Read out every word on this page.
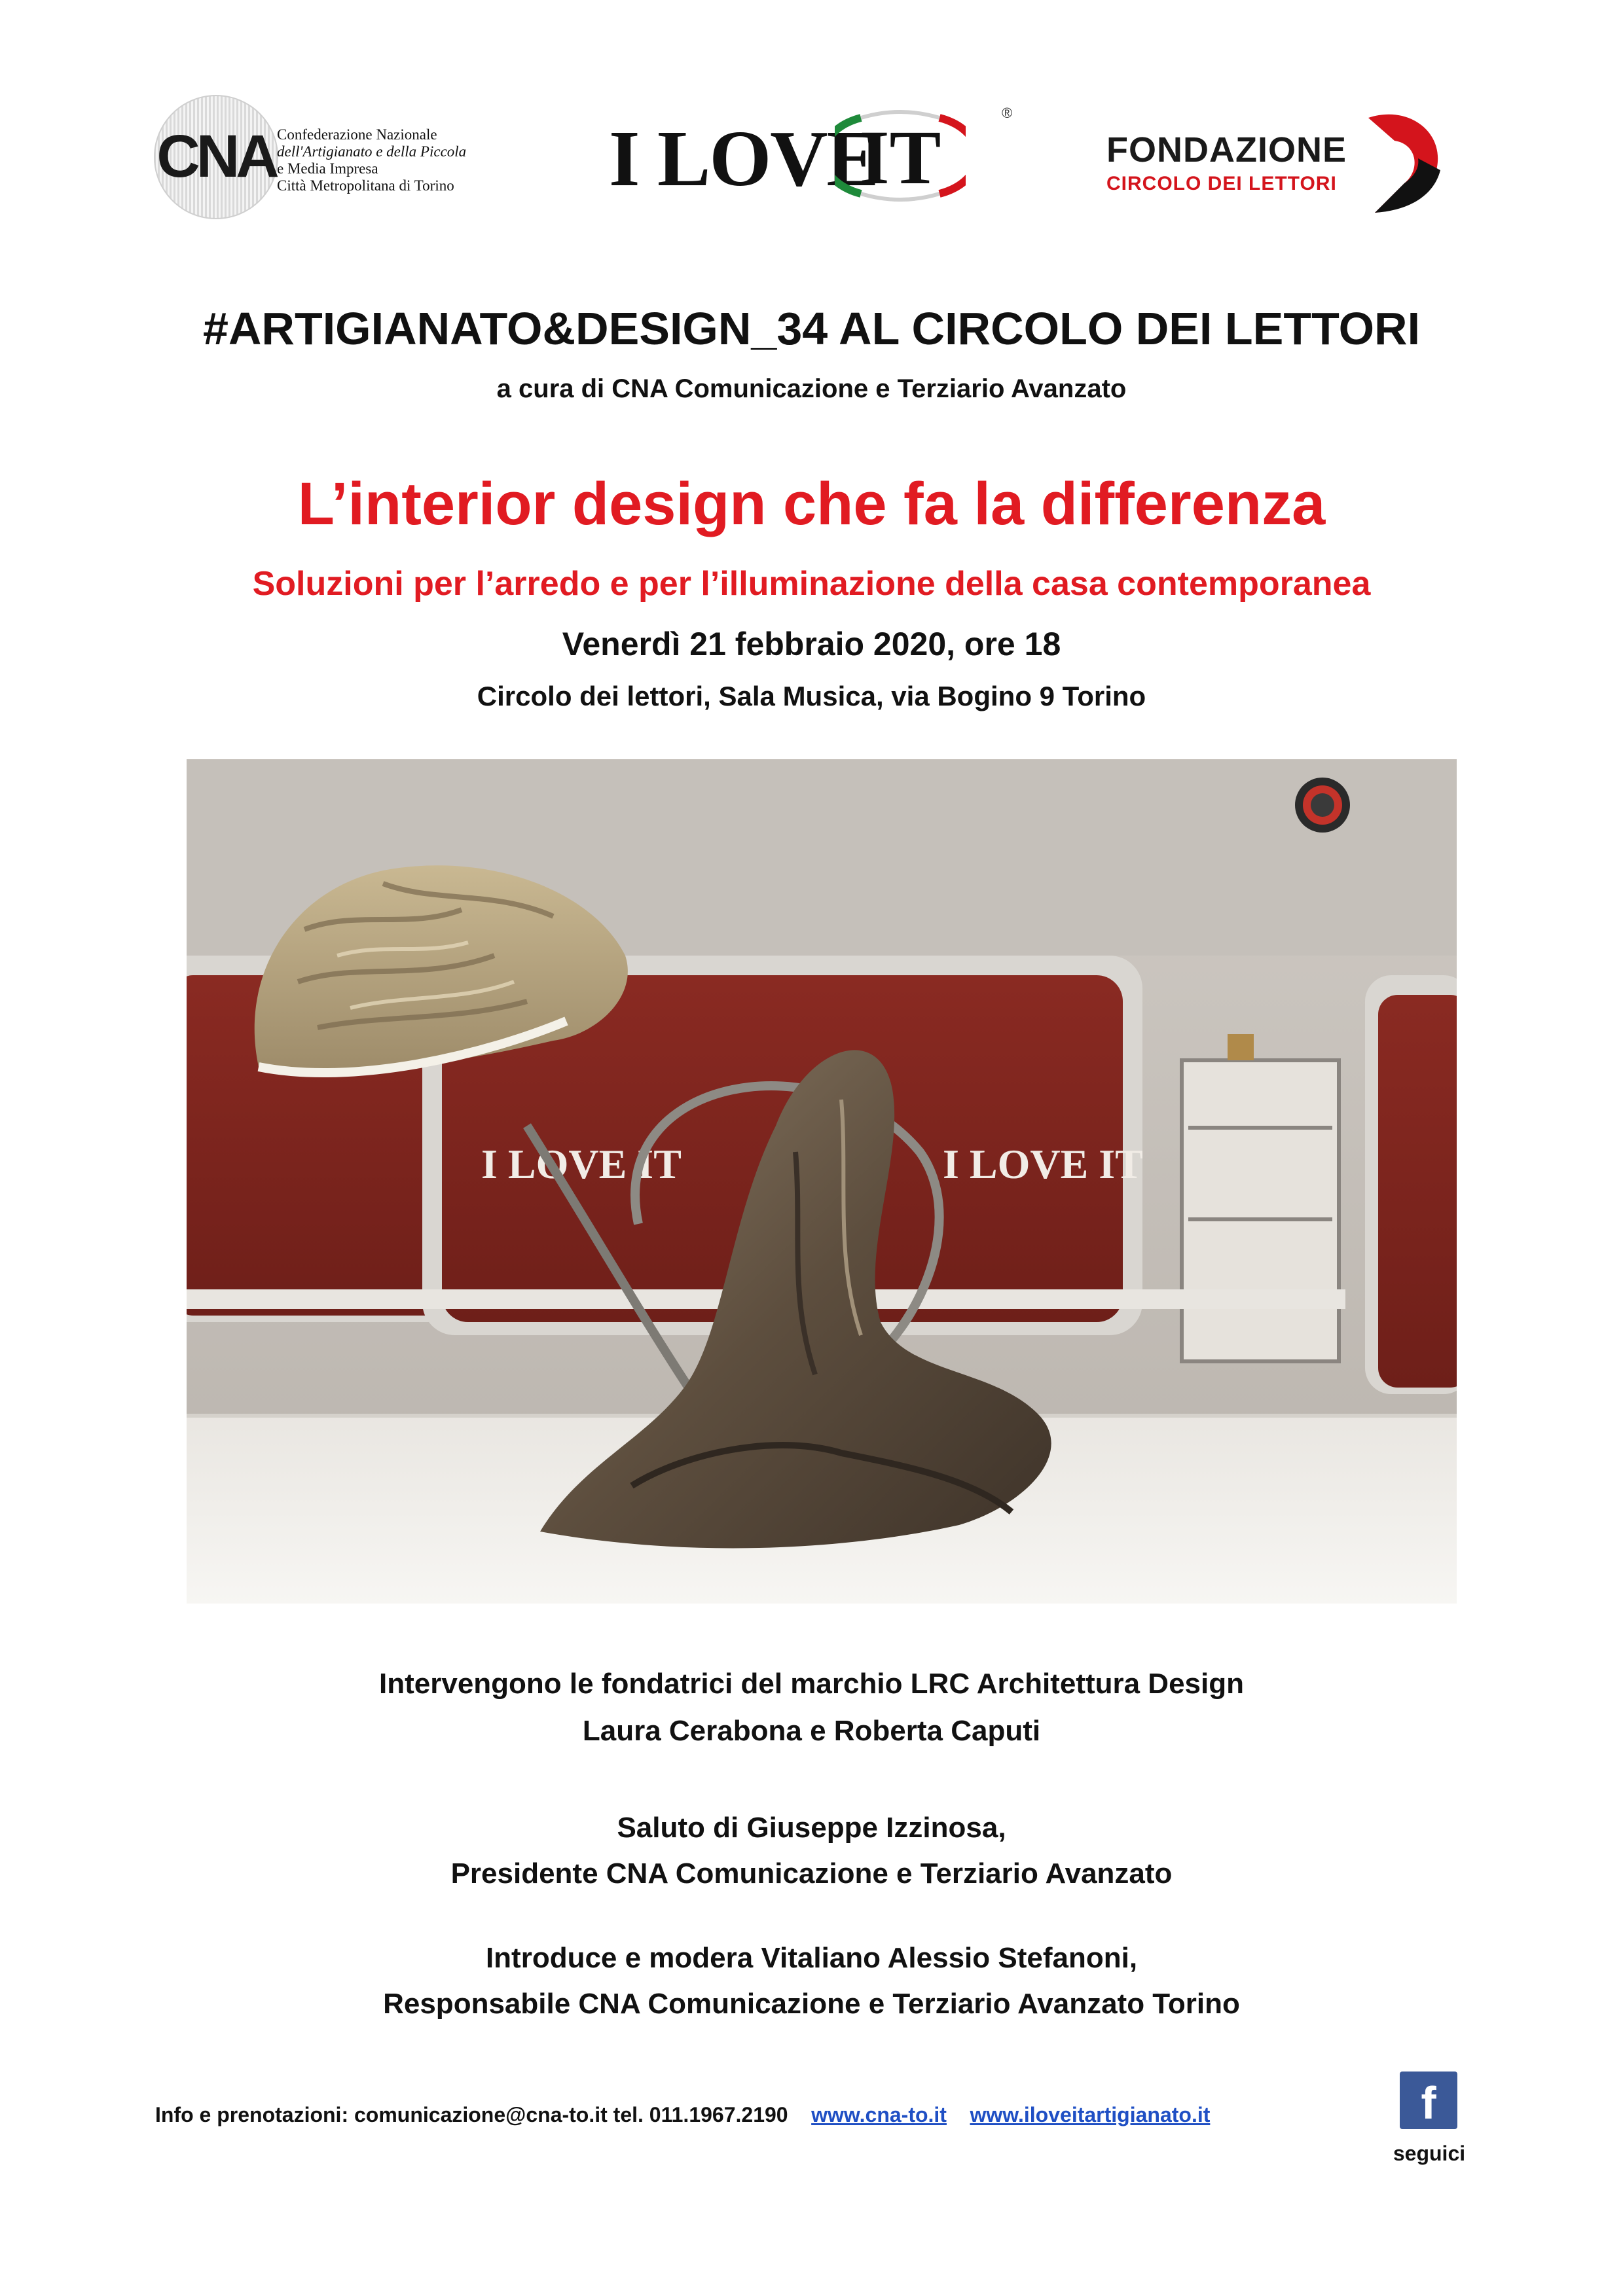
CNA Confederazione Nazionale
dell'Artigianato e della Piccola
e Media Impresa
Città Metropolitana di Torino	I LOVE
IT
®
FONDAZIONE
CIRCOLO DEI LETTORI
#ARTIGIANATO&DESIGN_34 AL CIRCOLO DEI LETTORI
a cura di CNA Comunicazione e Terziario Avanzato
L’interior design che fa la differenza
Soluzioni per l’arredo e per l’illuminazione della casa contemporanea
Venerdì 21 febbraio 2020, ore 18
Circolo dei lettori, Sala Musica, via Bogino 9 Torino
I LOVE IT	I LOVE IT
Intervengono le fondatrici del marchio LRC Architettura Design
Laura Cerabona e Roberta Caputi
Saluto di Giuseppe Izzinosa,
Presidente CNA Comunicazione e Terziario Avanzato
Introduce e modera Vitaliano Alessio Stefanoni,
Responsabile CNA Comunicazione e Terziario Avanzato Torino
Info e prenotazioni: comunicazione@cna-to.it tel. 011.1967.2190 www.cna-to.it www.iloveitartigianato.it	f
seguici
